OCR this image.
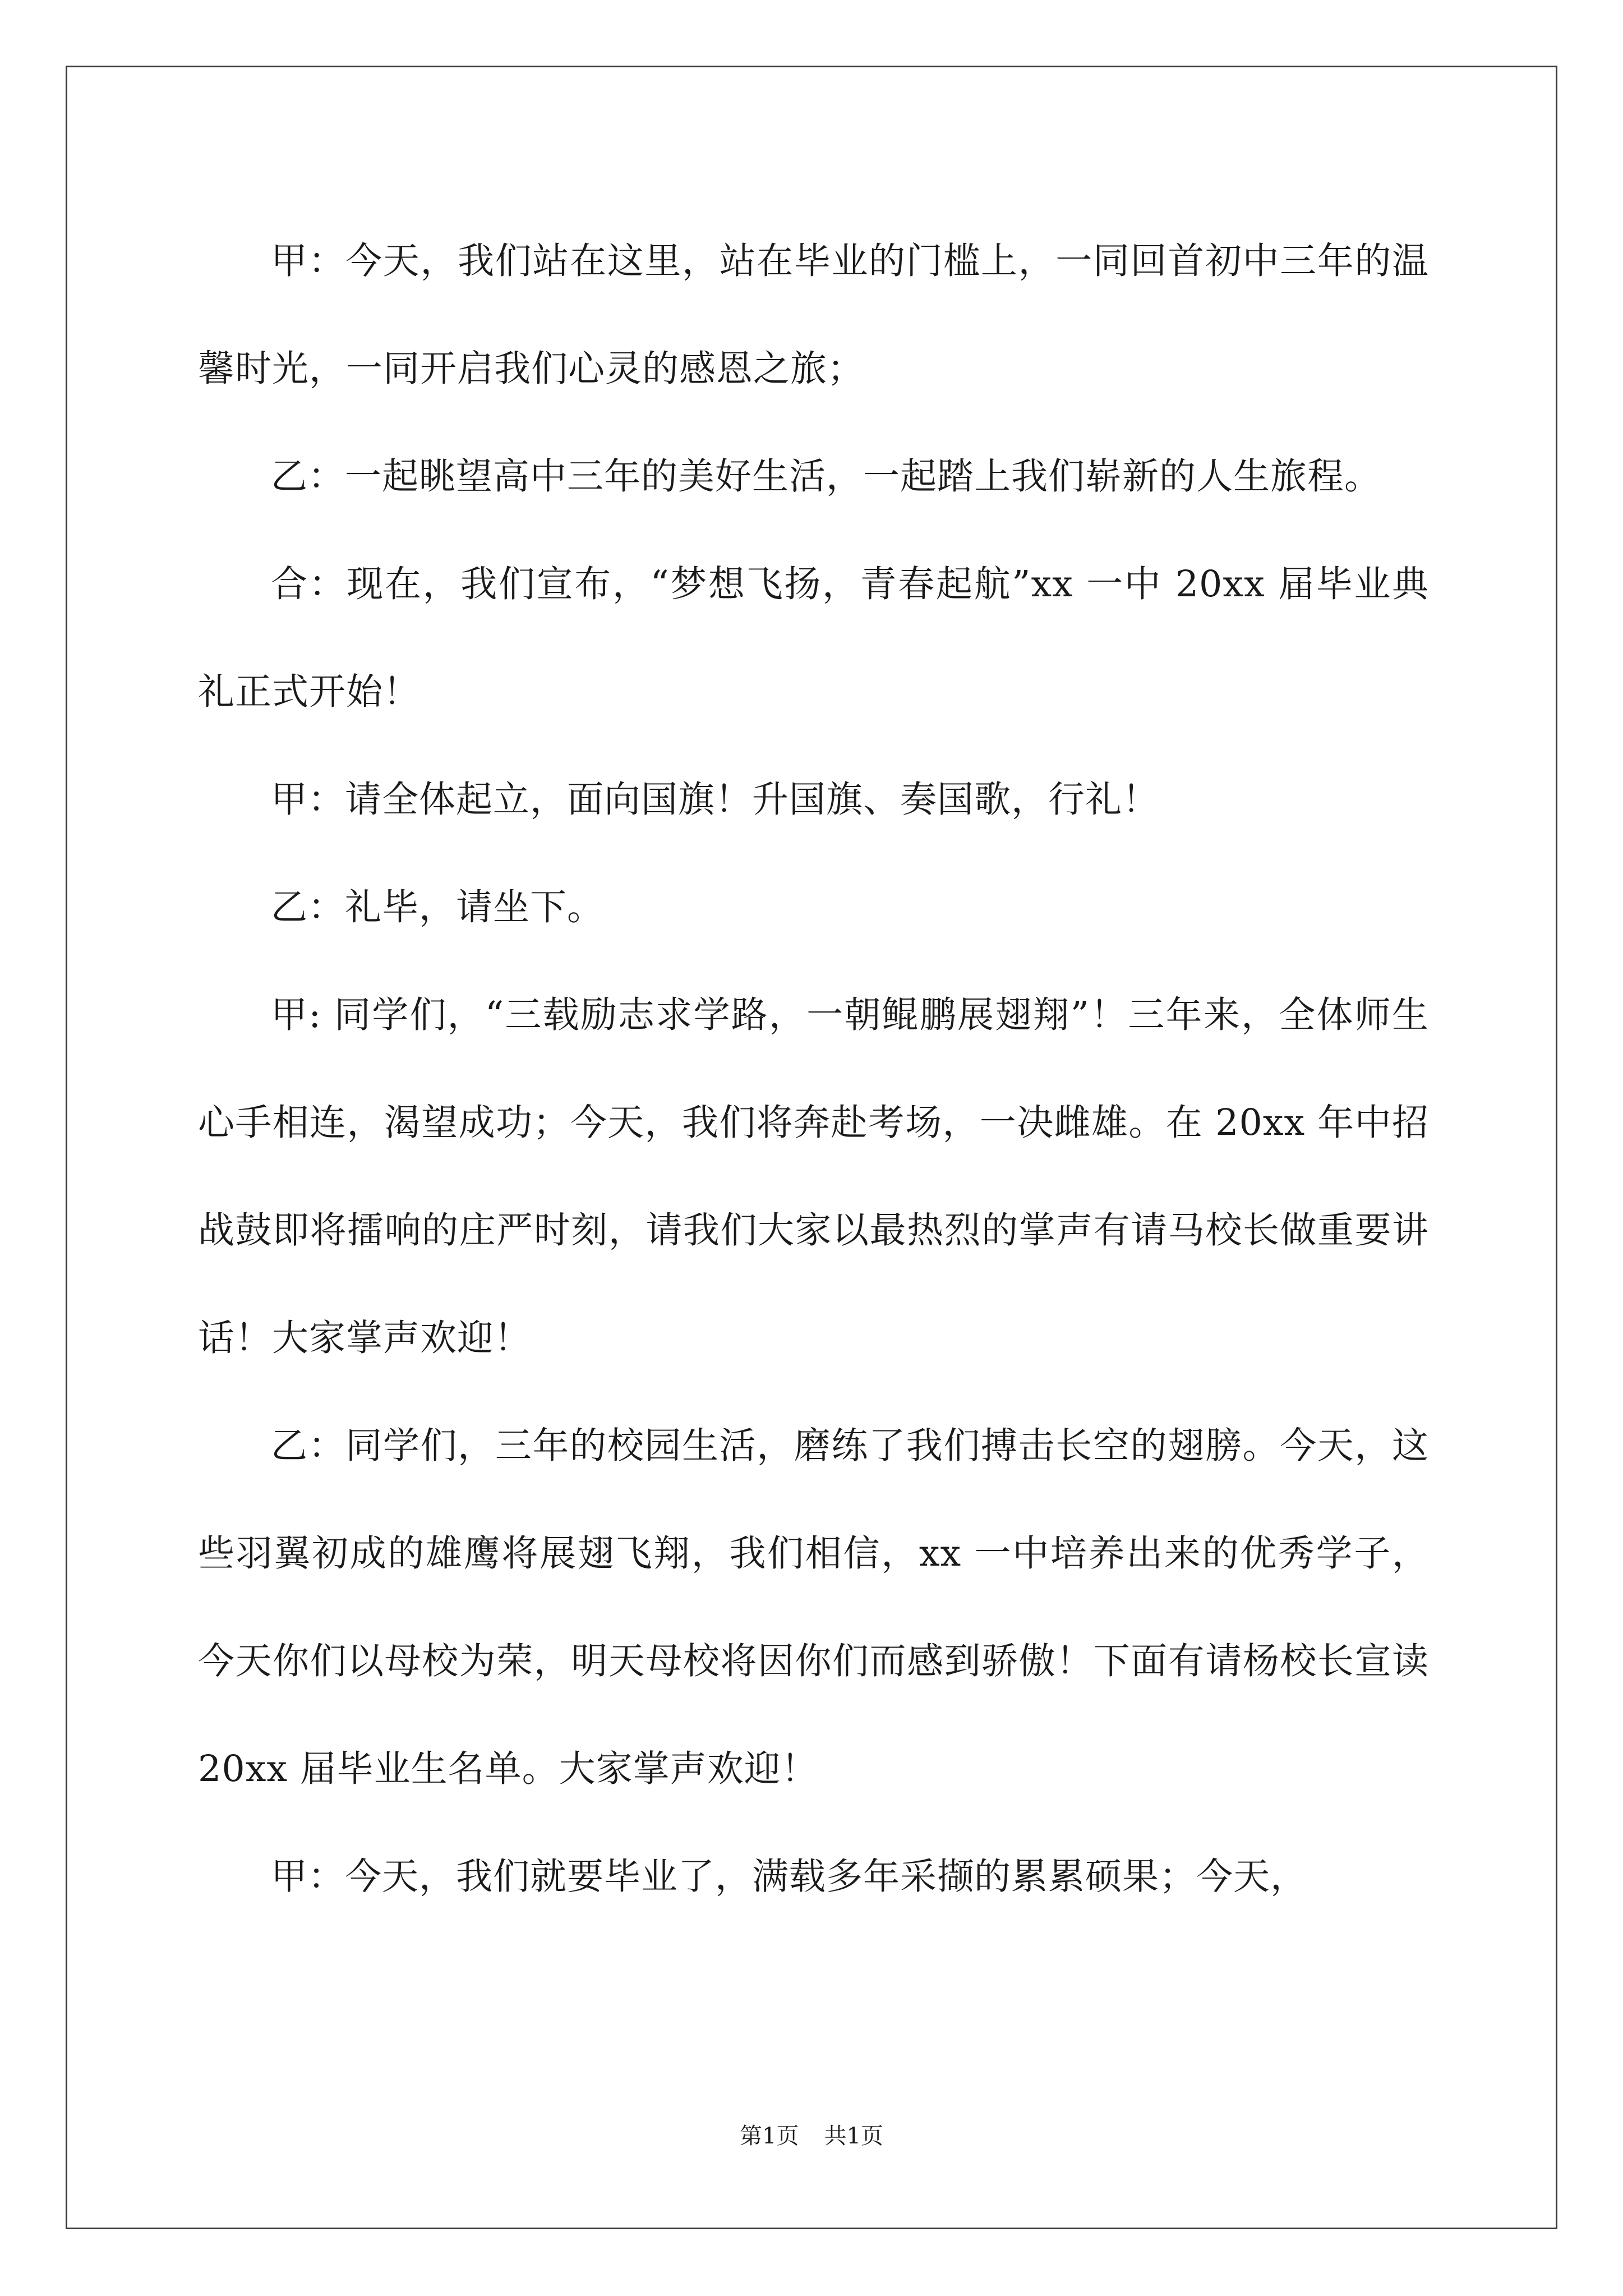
甲：今天，我们站在这里，站在毕业的门槛上，一同回首初中三年的温馨时光，一同开启我们心灵的感恩之旅；

乙：一起眺望高中三年的美好生活，一起踏上我们崭新的人生旅程。

合：现在，我们宣布，“梦想飞扬，青春起航”xx 一中 20xx 届毕业典礼正式开始！

甲：请全体起立，面向国旗！升国旗、奏国歌，行礼！

乙：礼毕，请坐下。

甲: 同学们，“三载励志求学路，一朝鲲鹏展翅翔”！三年来，全体师生心手相连，渴望成功；今天，我们将奔赴考场，一决雌雄。在 20xx 年中招战鼓即将擂响的庄严时刻，请我们大家以最热烈的掌声有请马校长做重要讲话！大家掌声欢迎！

乙：同学们，三年的校园生活，磨练了我们搏击长空的翅膀。今天，这些羽翼初成的雄鹰将展翅飞翔，我们相信，xx 一中培养出来的优秀学子，今天你们以母校为荣，明天母校将因你们而感到骄傲！下面有请杨校长宣读 20xx 届毕业生名单。大家掌声欢迎！

甲：今天，我们就要毕业了，满载多年采撷的累累硕果；今天，

第1页 共1页
